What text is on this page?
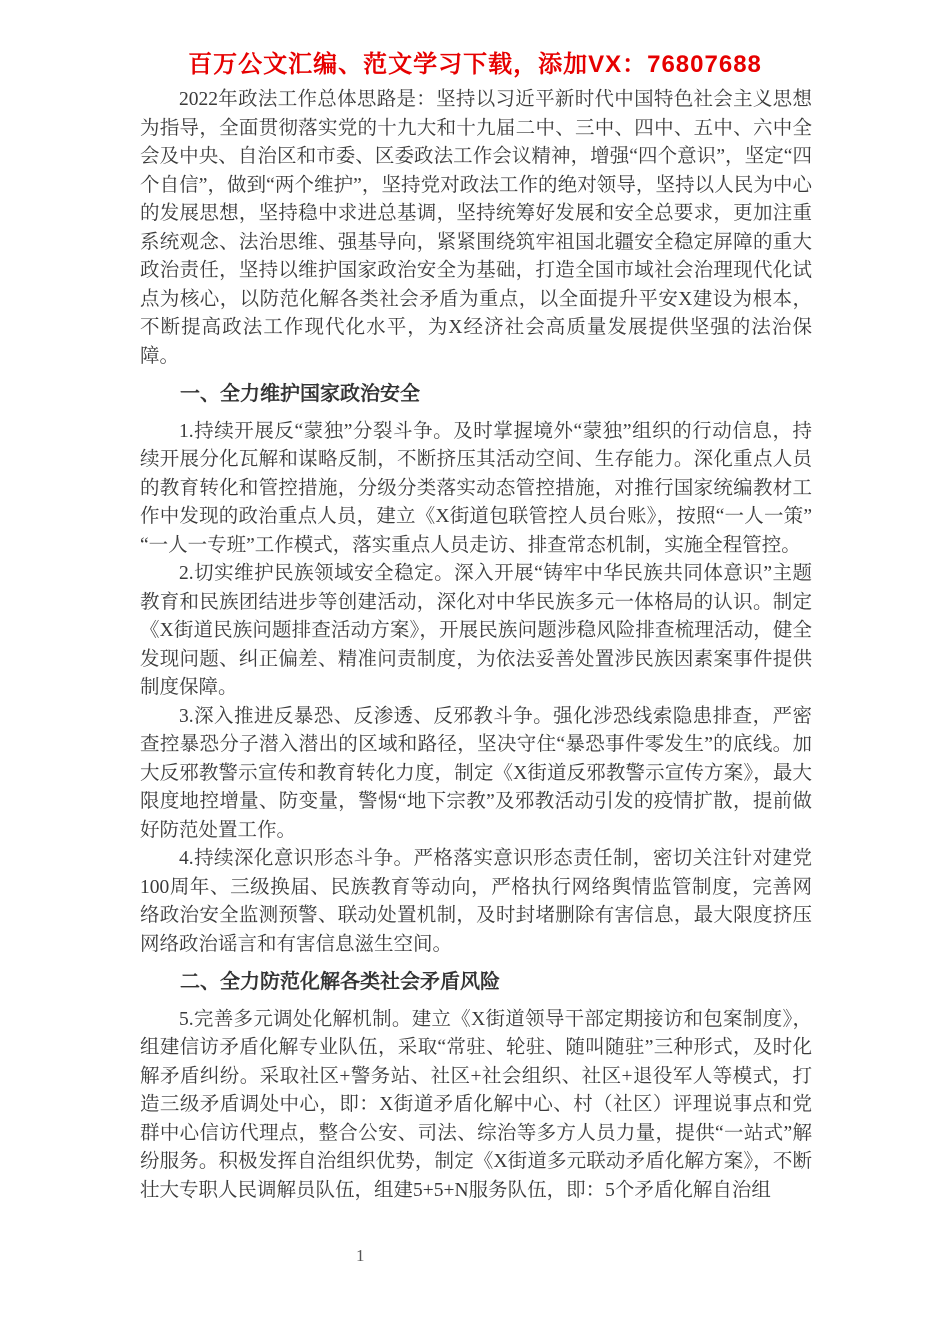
百万公文汇编、范文学习下载，添加VX：76807688

2022年政法工作总体思路是：坚持以习近平新时代中国特色社会主义思想为指导，全面贯彻落实党的十九大和十九届二中、三中、四中、五中、六中全会及中央、自治区和市委、区委政法工作会议精神，增强“四个意识”，坚定“四个自信”，做到“两个维护”，坚持党对政法工作的绝对领导，坚持以人民为中心的发展思想，坚持稳中求进总基调，坚持统筹好发展和安全总要求，更加注重系统观念、法治思维、强基导向，紧紧围绕筑牢祖国北疆安全稳定屏障的重大政治责任，坚持以维护国家政治安全为基础，打造全国市域社会治理现代化试点为核心，以防范化解各类社会矛盾为重点，以全面提升平安X建设为根本，不断提高政法工作现代化水平，为X经济社会高质量发展提供坚强的法治保障。

一、全力维护国家政治安全

1.持续开展反“蒙独”分裂斗争。及时掌握境外“蒙独”组织的行动信息，持续开展分化瓦解和谋略反制，不断挤压其活动空间、生存能力。深化重点人员的教育转化和管控措施，分级分类落实动态管控措施，对推行国家统编教材工作中发现的政治重点人员，建立《X街道包联管控人员台账》，按照“一人一策”“一人一专班”工作模式，落实重点人员走访、排查常态机制，实施全程管控。

2.切实维护民族领域安全稳定。深入开展“铸牢中华民族共同体意识”主题教育和民族团结进步等创建活动，深化对中华民族多元一体格局的认识。制定《X街道民族问题排查活动方案》，开展民族问题涉稳风险排查梳理活动，健全发现问题、纠正偏差、精准问责制度，为依法妥善处置涉民族因素案事件提供制度保障。

3.深入推进反暴恐、反渗透、反邪教斗争。强化涉恐线索隐患排查，严密查控暴恐分子潜入潜出的区域和路径，坚决守住“暴恐事件零发生”的底线。加大反邪教警示宣传和教育转化力度，制定《X街道反邪教警示宣传方案》，最大限度地控增量、防变量，警惕“地下宗教”及邪教活动引发的疫情扩散，提前做好防范处置工作。

4.持续深化意识形态斗争。严格落实意识形态责任制，密切关注针对建党100周年、三级换届、民族教育等动向，严格执行网络舆情监管制度，完善网络政治安全监测预警、联动处置机制，及时封堵删除有害信息，最大限度挤压网络政治谣言和有害信息滋生空间。

二、全力防范化解各类社会矛盾风险

5.完善多元调处化解机制。建立《X街道领导干部定期接访和包案制度》，组建信访矛盾化解专业队伍，采取“常驻、轮驻、随叫随驻”三种形式，及时化解矛盾纠纷。采取社区+警务站、社区+社会组织、社区+退役军人等模式，打造三级矛盾调处中心，即：X街道矛盾化解中心、村（社区）评理说事点和党群中心信访代理点，整合公安、司法、综治等多方人员力量，提供“一站式”解纷服务。积极发挥自治组织优势，制定《X街道多元联动矛盾化解方案》，不断壮大专职人民调解员队伍，组建5+5+N服务队伍，即：5个矛盾化解自治组

1
